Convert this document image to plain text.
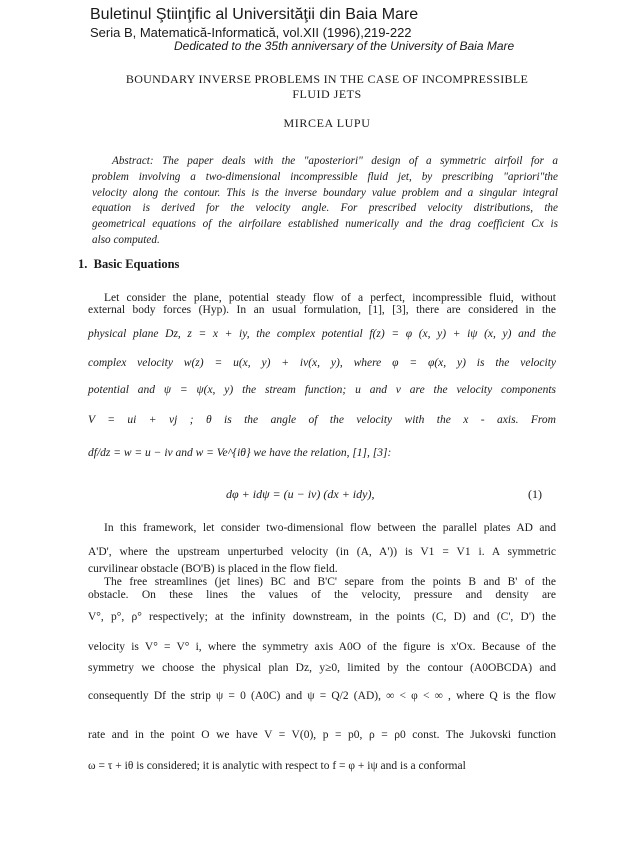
Buletinul Ştiinţific al Universităţii din Baia Mare
Seria B, Matematică-Informatică, vol.XII (1996),219-222
Dedicated to the 35th anniversary of the University of Baia Mare
BOUNDARY INVERSE PROBLEMS IN THE CASE OF INCOMPRESSIBLE
FLUID JETS
MIRCEA LUPU
Abstract: The paper deals with the "aposteriori" design of a symmetric airfoil for a
problem involving a two-dimensional incompressible fluid jet, by prescribing "apriori"the
velocity along the contour. This is the inverse boundary value problem and a singular integral
equation is derived for the velocity angle. For prescribed velocity distributions, the
geometrical equations of the airfoilare established numerically and the drag coefficient Cx is
also computed.
1. Basic Equations
Let consider the plane, potential steady flow of a perfect, incompressible fluid, without
external body forces (Hyp). In an usual formulation, [1], [3], there are considered in the
physical plane Dz, z = x + iy, the complex potential f(z) = φ (x, y) + iψ (x, y) and the
complex velocity w(z) = u(x, y) + iv(x, y), where φ = φ(x, y) is the velocity
potential and ψ = ψ(x, y) the stream function; u and v are the velocity components
V = ui + vj ; θ is the angle of the velocity with the x - axis. From
df/dz = w = u − iv and w = Ve^{iθ} we have the relation, [1], [3]:
dφ + idψ = (u − iv) (dx + idy),	(1)
In this framework, let consider two-dimensional flow between the parallel plates AD and
A'D', where the upstream unperturbed velocity (in (A, A')) is V1 = V1 i. A symmetric
curvilinear obstacle (BO'B) is placed in the flow field.
The free streamlines (jet lines) BC and B'C' separe from the points B and B' of the
obstacle. On these lines the values of the velocity, pressure and density are
V°, p°, ρ° respectively; at the infinity downstream, in the points (C, D) and (C', D') the
velocity is V° = V° i, where the symmetry axis A0O of the figure is x'Ox. Because of the
symmetry we choose the physical plan Dz, y≥0, limited by the contour (A0OBCDA) and
consequently Df the strip ψ = 0 (A0C) and ψ = Q/2 (AD), ∞ < φ < ∞ , where Q is the flow
rate and in the point O we have V = V(0), p = p0, ρ = ρ0 const. The Jukovski function
ω = τ + iθ is considered; it is analytic with respect to f = φ + iψ and is a conformal
